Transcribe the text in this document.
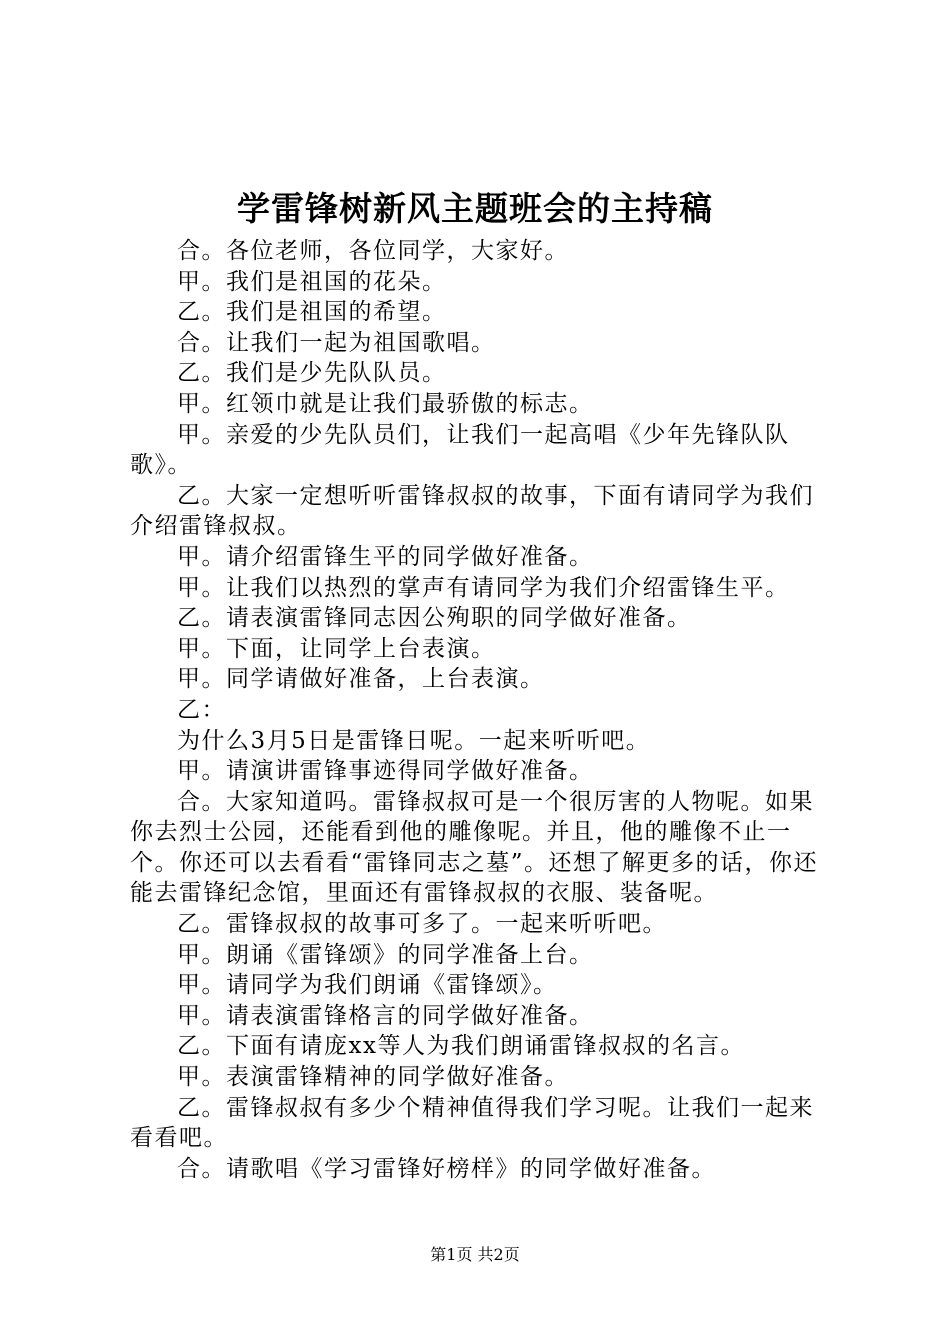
学雷锋树新风主题班会的主持稿

合。各位老师，各位同学，大家好。

甲。我们是祖国的花朵。

乙。我们是祖国的希望。

合。让我们一起为祖国歌唱。

乙。我们是少先队队员。

甲。红领巾就是让我们最骄傲的标志。

甲。亲爱的少先队员们，让我们一起高唱《少年先锋队队歌》。

乙。大家一定想听听雷锋叔叔的故事，下面有请同学为我们介绍雷锋叔叔。

甲。请介绍雷锋生平的同学做好准备。

甲。让我们以热烈的掌声有请同学为我们介绍雷锋生平。

乙。请表演雷锋同志因公殉职的同学做好准备。

甲。下面，让同学上台表演。

甲。同学请做好准备，上台表演。

乙：

为什么3月5日是雷锋日呢。一起来听听吧。

甲。请演讲雷锋事迹得同学做好准备。

合。大家知道吗。雷锋叔叔可是一个很厉害的人物呢。如果你去烈士公园，还能看到他的雕像呢。并且，他的雕像不止一个。你还可以去看看“雷锋同志之墓”。还想了解更多的话，你还能去雷锋纪念馆，里面还有雷锋叔叔的衣服、装备呢。

乙。雷锋叔叔的故事可多了。一起来听听吧。

甲。朗诵《雷锋颂》的同学准备上台。

甲。请同学为我们朗诵《雷锋颂》。

甲。请表演雷锋格言的同学做好准备。

乙。下面有请庞xx等人为我们朗诵雷锋叔叔的名言。

甲。表演雷锋精神的同学做好准备。

乙。雷锋叔叔有多少个精神值得我们学习呢。让我们一起来看看吧。

合。请歌唱《学习雷锋好榜样》的同学做好准备。

第1页 共2页
